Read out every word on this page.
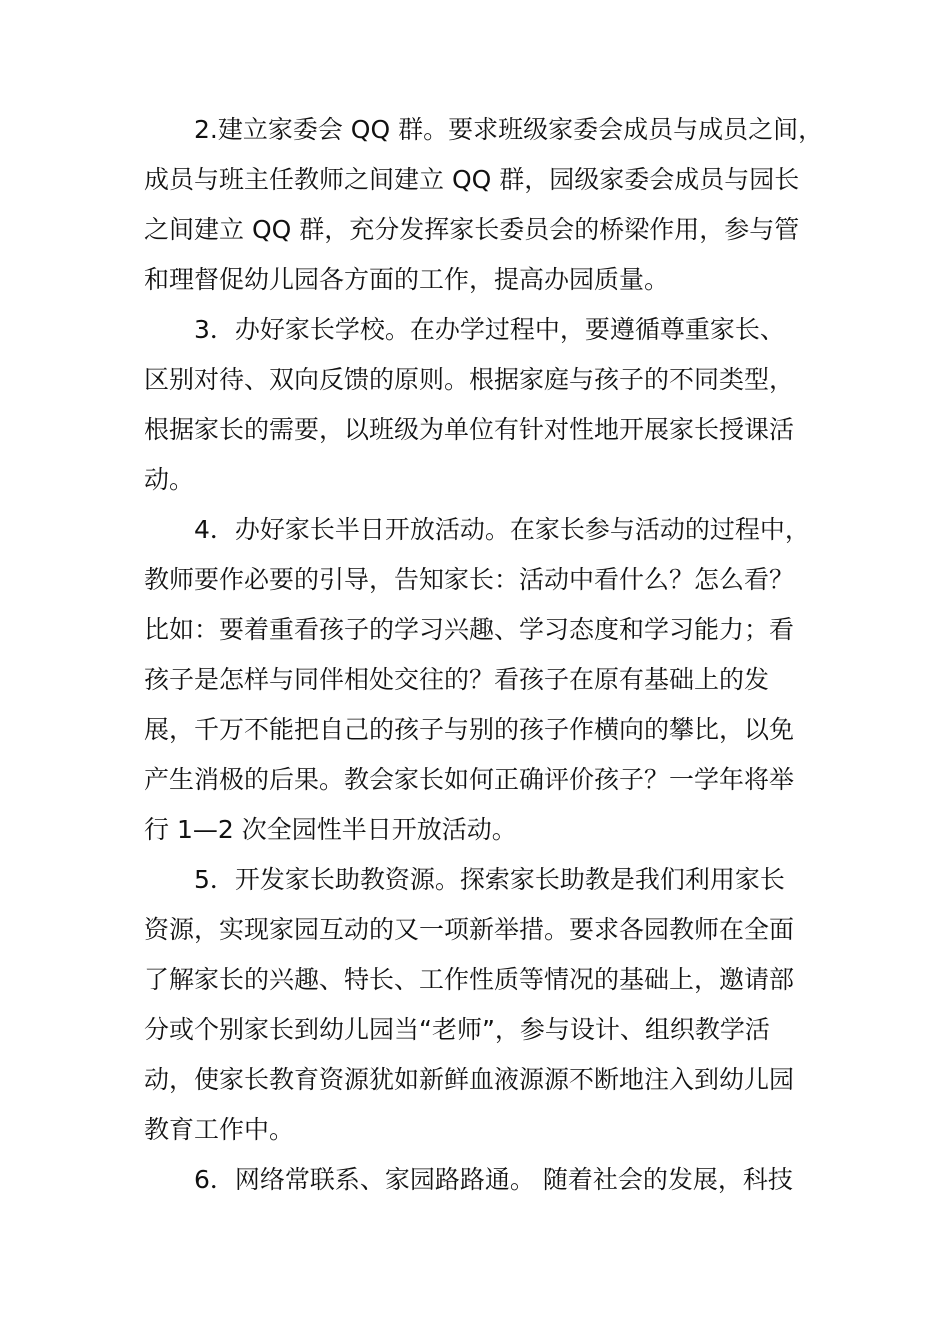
2.建立家委会 QQ 群。要求班级家委会成员与成员之间，
成员与班主任教师之间建立 QQ 群，园级家委会成员与园长
之间建立 QQ 群，充分发挥家长委员会的桥梁作用，参与管
和理督促幼儿园各方面的工作，提高办园质量。
3．办好家长学校。在办学过程中，要遵循尊重家长、
区别对待、双向反馈的原则。根据家庭与孩子的不同类型，
根据家长的需要，以班级为单位有针对性地开展家长授课活
动。
4．办好家长半日开放活动。在家长参与活动的过程中，
教师要作必要的引导，告知家长：活动中看什么？怎么看？
比如：要着重看孩子的学习兴趣、学习态度和学习能力；看
孩子是怎样与同伴相处交往的？看孩子在原有基础上的发
展，千万不能把自己的孩子与别的孩子作横向的攀比，以免
产生消极的后果。教会家长如何正确评价孩子？一学年将举
行 1—2 次全园性半日开放活动。
5．开发家长助教资源。探索家长助教是我们利用家长
资源，实现家园互动的又一项新举措。要求各园教师在全面
了解家长的兴趣、特长、工作性质等情况的基础上，邀请部
分或个别家长到幼儿园当“老师”，参与设计、组织教学活
动，使家长教育资源犹如新鲜血液源源不断地注入到幼儿园
教育工作中。
6．网络常联系、家园路路通。 随着社会的发展，科技
